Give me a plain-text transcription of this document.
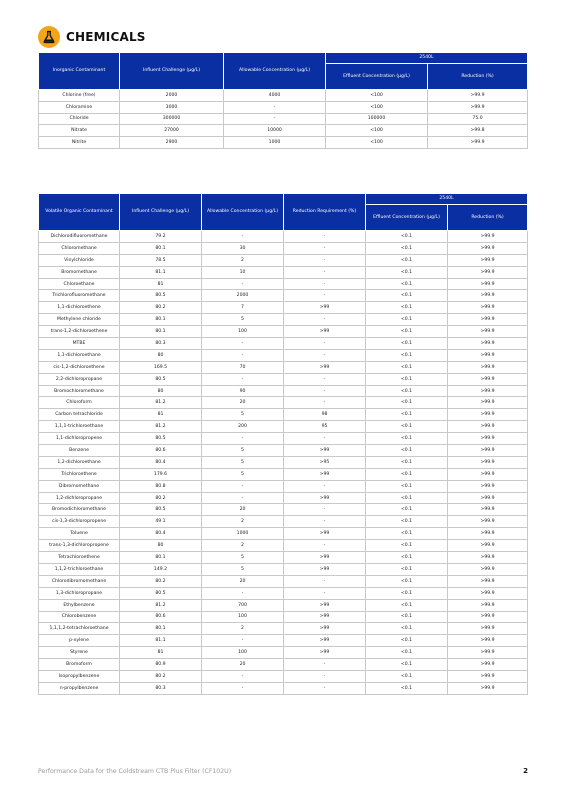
CHEMICALS
Inorganic Contaminant	Influent Challenge (µg/L)	Allowable Concentration (µg/L)	2540L	
			Effluent Concentration (µg/L)	Reduction (%)
Chlorine (free)	2000	4000	<100	>99.9
Chloramine	3000	-	<100	>99.9
Chloride	300000	-	100000	75.0
Nitrate	27000	10000	<100	>99.8
Nitrite	2900	1000	<100	>99.9
Volatile Organic Contaminant	Influent Challenge (µg/L)	Allowable Concentration (µg/L)	Reduction Requirement (%)	2540L	
				Effluent Concentration (µg/L)	Reduction (%)
Dichlorodifluoromethane	79.2	-	-	<0.1	>99.9
Chloromethane	80.1	30	-	<0.1	>99.9
Vinylchloride	78.5	2	-	<0.1	>99.9
Bromomethane	81.1	10	-	<0.1	>99.9
Chloroethane	81	-	-	<0.1	>99.9
Trichlorofluoromethane	80.5	2000	-	<0.1	>99.9
1,1-dichloroethene	80.2	7	>99	<0.1	>99.9
Methylene chloride	80.1	5	-	<0.1	>99.9
trans-1,2-dichloroethene	80.1	100	>99	<0.1	>99.9
MTBE	80.3	-	-	<0.1	>99.9
1,1-dichloroethane	80	-	-	<0.1	>99.9
cis-1,2-dichloroethene	169.5	70	>99	<0.1	>99.9
2,2-dichloropropane	80.5	-	-	<0.1	>99.9
Bromochloromethane	80	90	-	<0.1	>99.9
Chloroform	81.2	20	-	<0.1	>99.9
Carbon tetrachloride	81	5	98	<0.1	>99.9
1,1,1-trichloroethane	81.2	200	95	<0.1	>99.9
1,1-dichloropropene	80.5	-	-	<0.1	>99.9
Benzene	80.6	5	>99	<0.1	>99.9
1,2-dichloroethane	80.4	5	>95	<0.1	>99.9
Trichloroethene	179.6	5	>99	<0.1	>99.9
Dibromomethane	80.8	-	-	<0.1	>99.9
1,2-dichloropropane	80.2	-	>99	<0.1	>99.9
Bromodichloromethane	80.5	20	-	<0.1	>99.9
cis-1,3-dichloropropene	49.1	2	-	<0.1	>99.9
Toluene	80.4	1000	>99	<0.1	>99.9
trans-1,3-dichloropropene	80	2	-	<0.1	>99.9
Tetrachloroethene	80.1	5	>99	<0.1	>99.9
1,1,2-trichloroethane	149.2	5	>99	<0.1	>99.9
Chlorodibromomethane	80.2	20	-	<0.1	>99.9
1,3-dichloropropane	80.5	-	-	<0.1	>99.9
Ethylbenzene	81.2	700	>99	<0.1	>99.9
Chlorobenzene	80.6	100	>99	<0.1	>99.9
1,1,1,2-tetrachloroethane	80.1	2	>99	<0.1	>99.9
p-xylene	81.1	-	>99	<0.1	>99.9
Styrene	81	100	>99	<0.1	>99.9
Bromoform	80.9	20	-	<0.1	>99.9
Isopropylbenzene	80.2	-	-	<0.1	>99.9
n-propylbenzene	80.3	-	-	<0.1	>99.9
Performance Data for the Coldstream CTB Plus Filter (CF102U)	2
